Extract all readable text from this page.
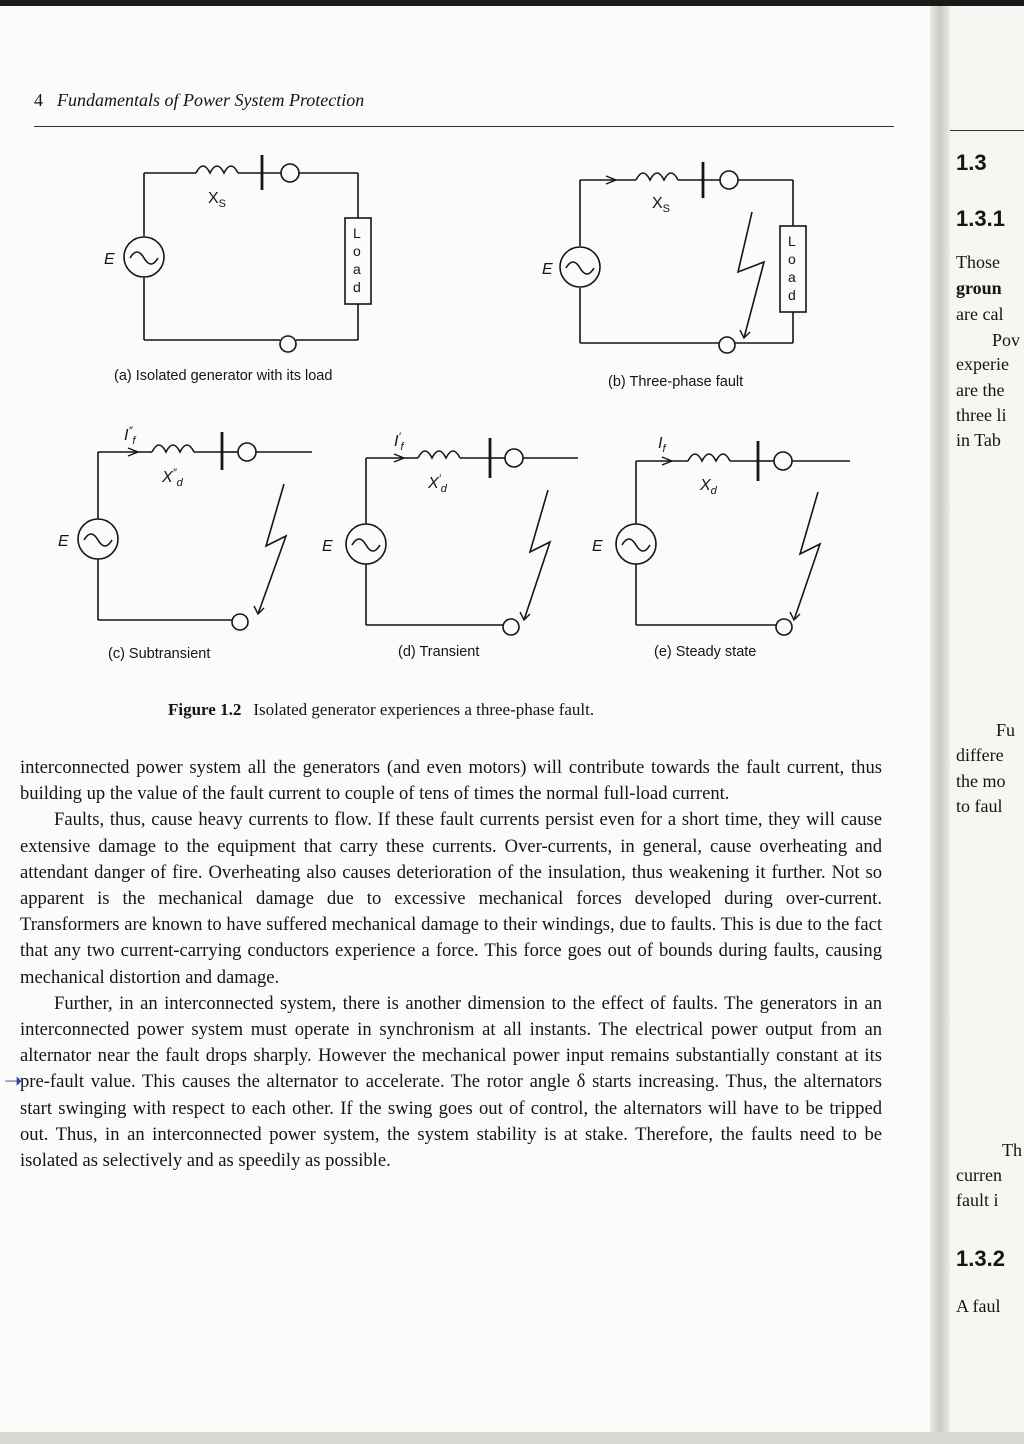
4 Fundamentals of Power System Protection
$X_S$
E
L
o
a
d
(a) Isolated generator with its load
$X_S$
E
L
o
a
d
(b) Three-phase fault
$I''_f$
$X''_d$
E
(c) Subtransient
$I'_f$
$X'_d$
E
(d) Transient
$I_f$
$X_d$
E
(e) Steady state
Figure 1.2 Isolated generator experiences a three-phase fault.

interconnected power system all the generators (and even motors) will contribute towards the fault current, thus building up the value of the fault current to couple of tens of times the normal full-load current.

Faults, thus, cause heavy currents to flow. If these fault currents persist even for a short time, they will cause extensive damage to the equipment that carry these currents. Over-currents, in general, cause overheating and attendant danger of fire. Overheating also causes deterioration of the insulation, thus weakening it further. Not so apparent is the mechanical damage due to excessive mechanical forces developed during over-current. Transformers are known to have suffered mechanical damage to their windings, due to faults. This is due to the fact that any two current-carrying conductors experience a force. This force goes out of bounds during faults, causing mechanical distortion and damage.

Further, in an interconnected system, there is another dimension to the effect of faults. The generators in an interconnected power system must operate in synchronism at all instants. The electrical power output from an alternator near the fault drops sharply. However the mechanical power input remains substantially constant at its pre-fault value. This causes the alternator to accelerate. The rotor angle δ starts increasing. Thus, the alternators start swinging with respect to each other. If the swing goes out of control, the alternators will have to be tripped out. Thus, in an interconnected power system, the system stability is at stake. Therefore, the faults need to be isolated as selectively and as speedily as possible.

➝
1.3
1.3.1
Those
groun
are cal
Pov
experie
are the
three li
in Tab
Fu
differe
the mo
to faul
Th
curren
fault i
1.3.2
A faul
